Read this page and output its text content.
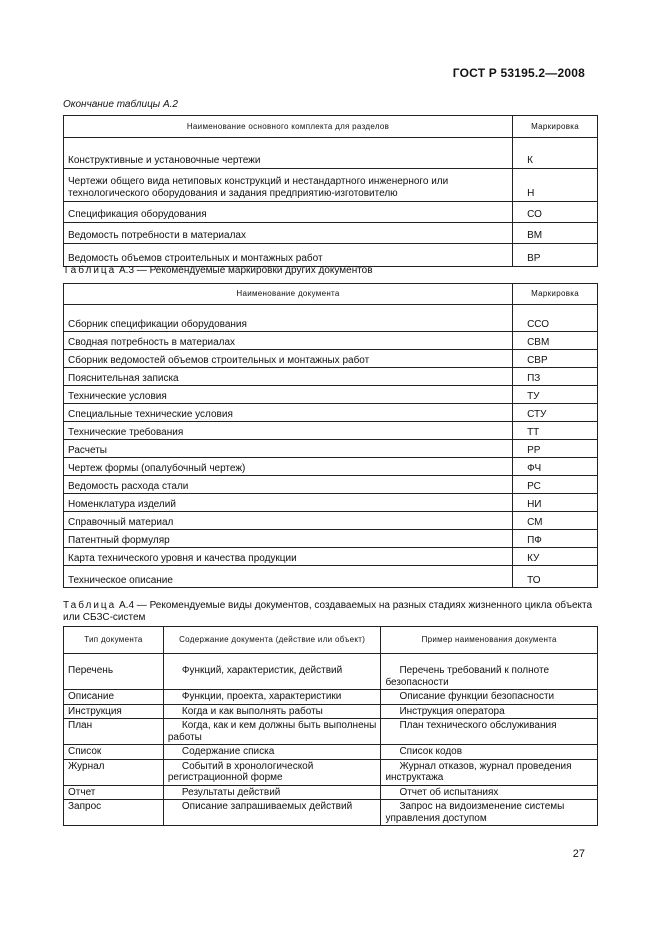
ГОСТ Р 53195.2—2008
Окончание таблицы А.2
Наименование основного комплекта для разделов	Маркировка

Конструктивные и установочные чертежи	К
Чертежи общего вида нетиповых конструкций и нестандартного инженерного или технологического оборудования и задания предприятию-изготовителю	Н
Спецификация оборудования	СО
Ведомость потребности в материалах	ВМ
Ведомость объемов строительных и монтажных работ	ВР
Таблица А.3 — Рекомендуемые маркировки других документов
Наименование документа	Маркировка

Сборник спецификации оборудования	ССО
Сводная потребность в материалах	СВМ
Сборник ведомостей объемов строительных и монтажных работ	СВР
Пояснительная записка	ПЗ
Технические условия	ТУ
Специальные технические условия	СТУ
Технические требования	ТТ
Расчеты	РР
Чертеж формы (опалубочный чертеж)	ФЧ
Ведомость расхода стали	РС
Номенклатура изделий	НИ
Справочный материал	СМ
Патентный формуляр	ПФ
Карта технического уровня и качества продукции	КУ
Техническое описание	ТО
Таблица А.4 — Рекомендуемые виды документов, создаваемых на разных стадиях жизненного цикла объекта или СБЗС-систем
Тип документа	Содержание документа (действие или объект)	Пример наименования документа

Перечень	Функций, характеристик, действий	Перечень требований к полноте безопасности
Описание	Функции, проекта, характеристики	Описание функции безопасности
Инструкция	Когда и как выполнять работы	Инструкция оператора
План	Когда, как и кем должны быть выполнены работы	План технического обслуживания
Список	Содержание списка	Список кодов
Журнал	Событий в хронологической регистрационной форме	Журнал отказов, журнал проведения инструктажа
Отчет	Результаты действий	Отчет об испытаниях
Запрос	Описание запрашиваемых действий	Запрос на видоизменение системы управления доступом
27
